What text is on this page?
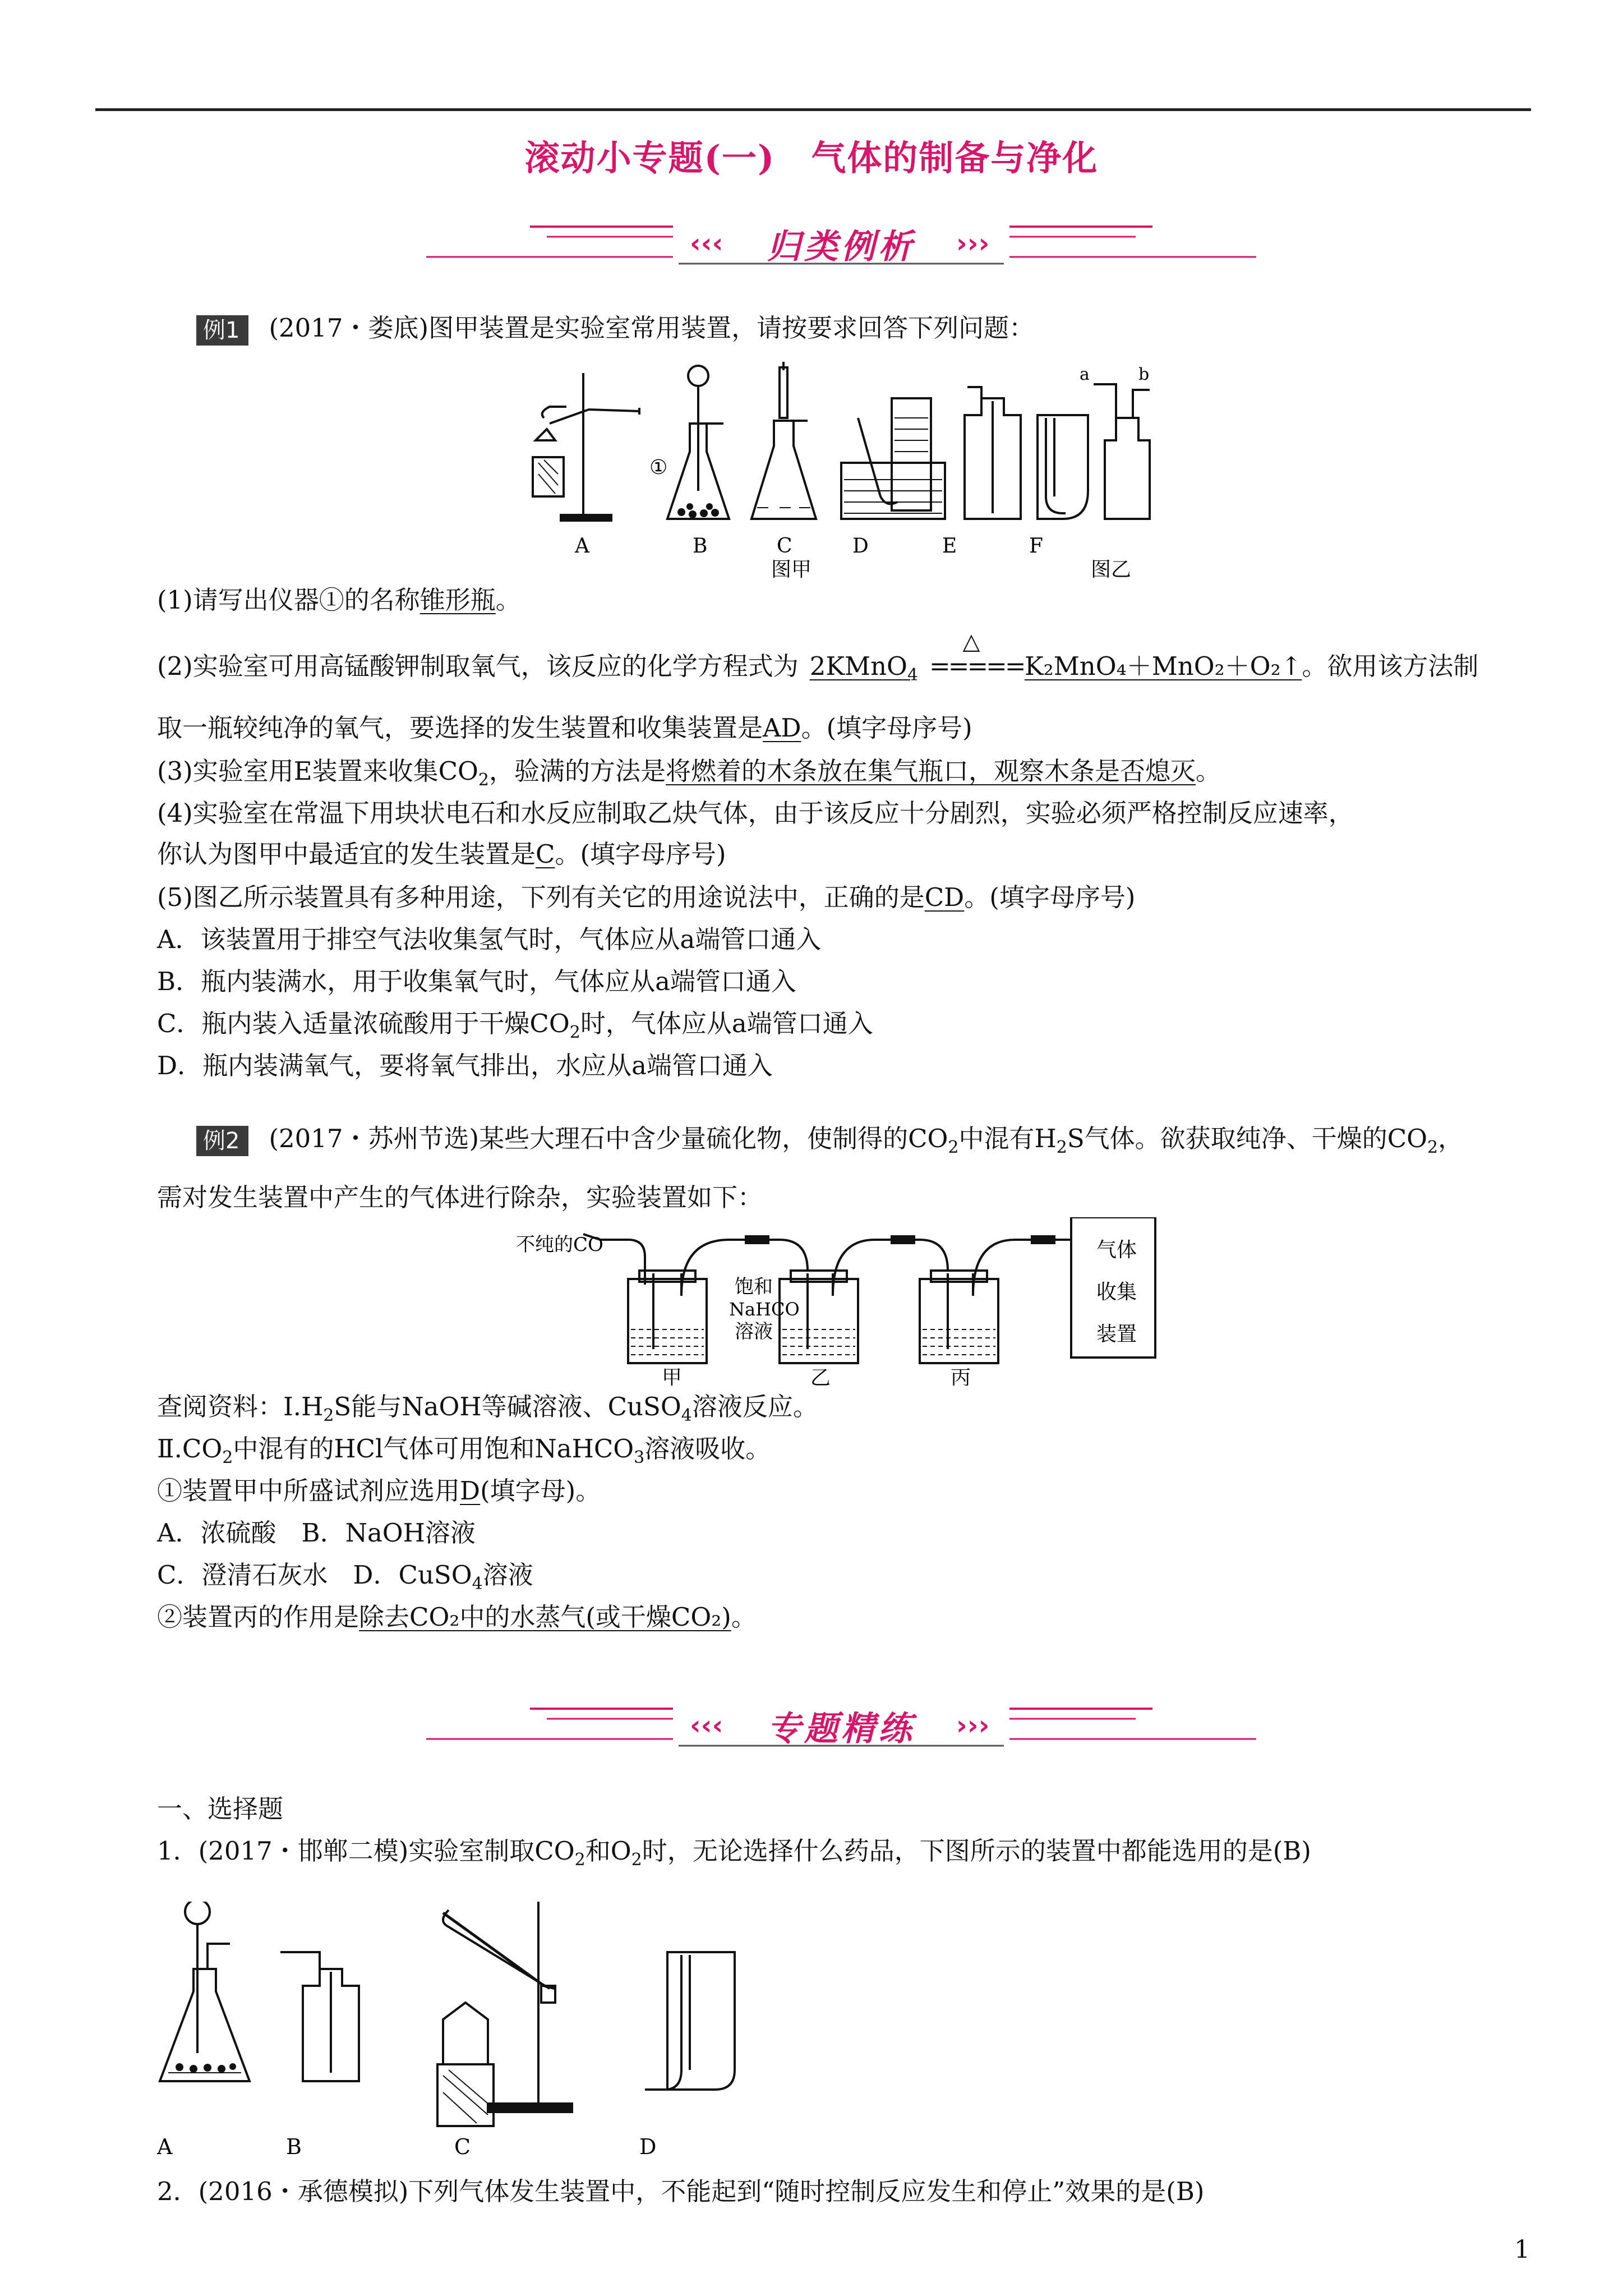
滚动小专题(一)　气体的制备与净化
‹‹‹	›››
归类例析
例1 (2017・娄底)图甲装置是实验室常用装置，请按要求回答下列问题：
A	B	C	D	E	F
①
图甲	图乙
a	b
(1)请写出仪器①的名称锥形瓶。
(2)实验室可用高锰酸钾制取氧气，该反应的化学方程式为 2KMnO$_4$
△
=====K₂MnO₄＋MnO₂＋O₂↑。欲用该方法制
取一瓶较纯净的氧气，要选择的发生装置和收集装置是AD。(填字母序号)
(3)实验室用E装置来收集$CO_2$，验满的方法是将燃着的木条放在集气瓶口，观察木条是否熄灭。
(4)实验室在常温下用块状电石和水反应制取乙炔气体，由于该反应十分剧烈，实验必须严格控制反应速率，
你认为图甲中最适宜的发生装置是C。(填字母序号)
(5)图乙所示装置具有多种用途，下列有关它的用途说法中，正确的是CD。(填字母序号)
A．该装置用于排空气法收集氢气时，气体应从a端管口通入
B．瓶内装满水，用于收集氧气时，气体应从a端管口通入
C．瓶内装入适量浓硫酸用于干燥$CO_2$时，气体应从a端管口通入
D．瓶内装满氧气，要将氧气排出，水应从a端管口通入
例2 (2017・苏州节选)某些大理石中含少量硫化物，使制得的$CO_2$中混有$H_2S$气体。欲获取纯净、干燥的$CO_2$，
需对发生装置中产生的气体进行除杂，实验装置如下：
不纯的CO
饱和
NaHCO
溶液
气体
收集
装置
甲	乙	丙
查阅资料：$Ⅰ.H_2S$能与NaOH等碱溶液、CuSO$_4$溶液反应。
$Ⅱ.CO_2$中混有的HCl气体可用饱和NaHCO$_3$溶液吸收。
①装置甲中所盛试剂应选用D(填字母)。
A．浓硫酸　B．NaOH溶液
C．澄清石灰水　D．CuSO$_4$溶液
②装置丙的作用是除去CO₂中的水蒸气(或干燥CO₂)。
‹‹‹	›››
专题精练
一、选择题
1．(2017・邯郸二模)实验室制取$CO_2$和$O_2$时，无论选择什么药品，下图所示的装置中都能选用的是(B)
A	B	C	D
2．(2016・承德模拟)下列气体发生装置中，不能起到“随时控制反应发生和停止”效果的是(B)
1
